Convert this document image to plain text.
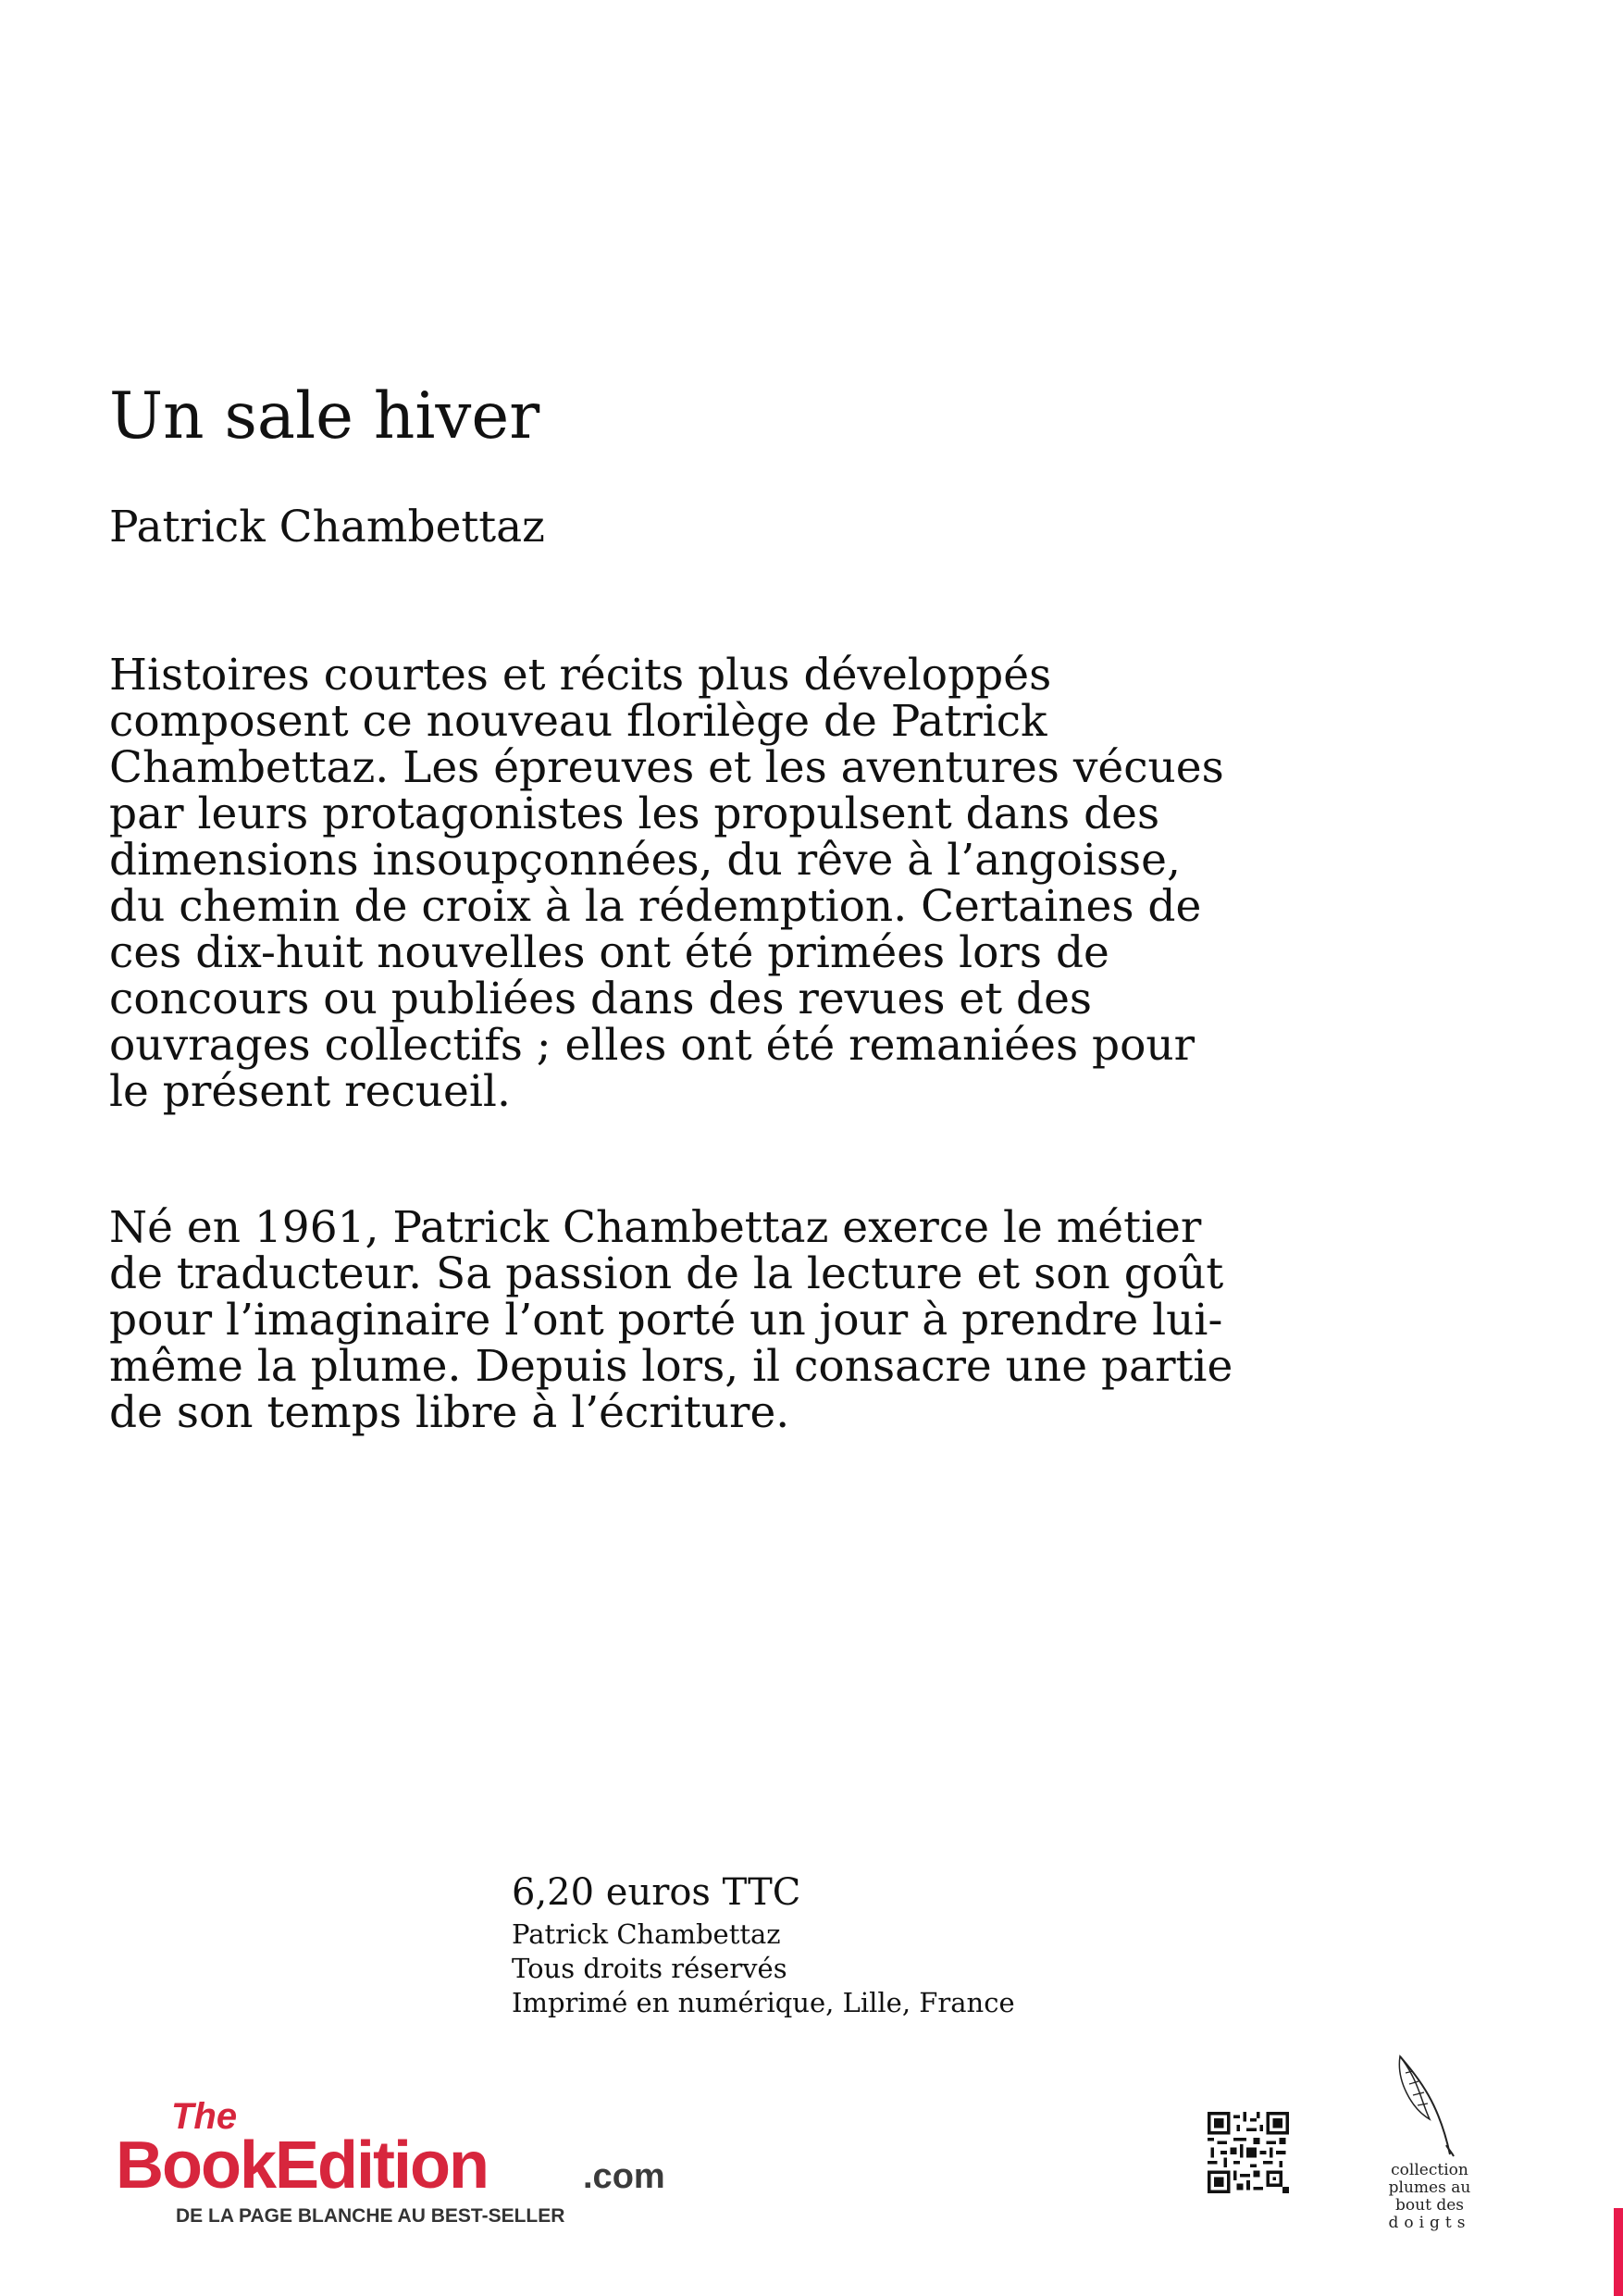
Un sale hiver

Patrick Chambettaz

Histoires courtes et récits plus développés composent ce nouveau florilège de Patrick Chambettaz. Les épreuves et les aventures vécues par leurs protagonistes les propulsent dans des dimensions insoupçonnées, du rêve à l’angoisse, du chemin de croix à la rédemption. Certaines de ces dix-huit nouvelles ont été primées lors de concours ou publiées dans des revues et des ouvrages collectifs ; elles ont été remaniées pour le présent recueil.

Né en 1961, Patrick Chambettaz exerce le métier de traducteur. Sa passion de la lecture et son goût pour l’imaginaire l’ont porté un jour à prendre lui-même la plume. Depuis lors, il consacre une partie de son temps libre à l’écriture.

6,20 euros TTC

Patrick Chambettaz

Tous droits réservés

Imprimé en numérique, Lille, France

The
BookEdition	.com
DE LA PAGE BLANCHE AU BEST-SELLER
collection
plumes au
bout des
doigts
